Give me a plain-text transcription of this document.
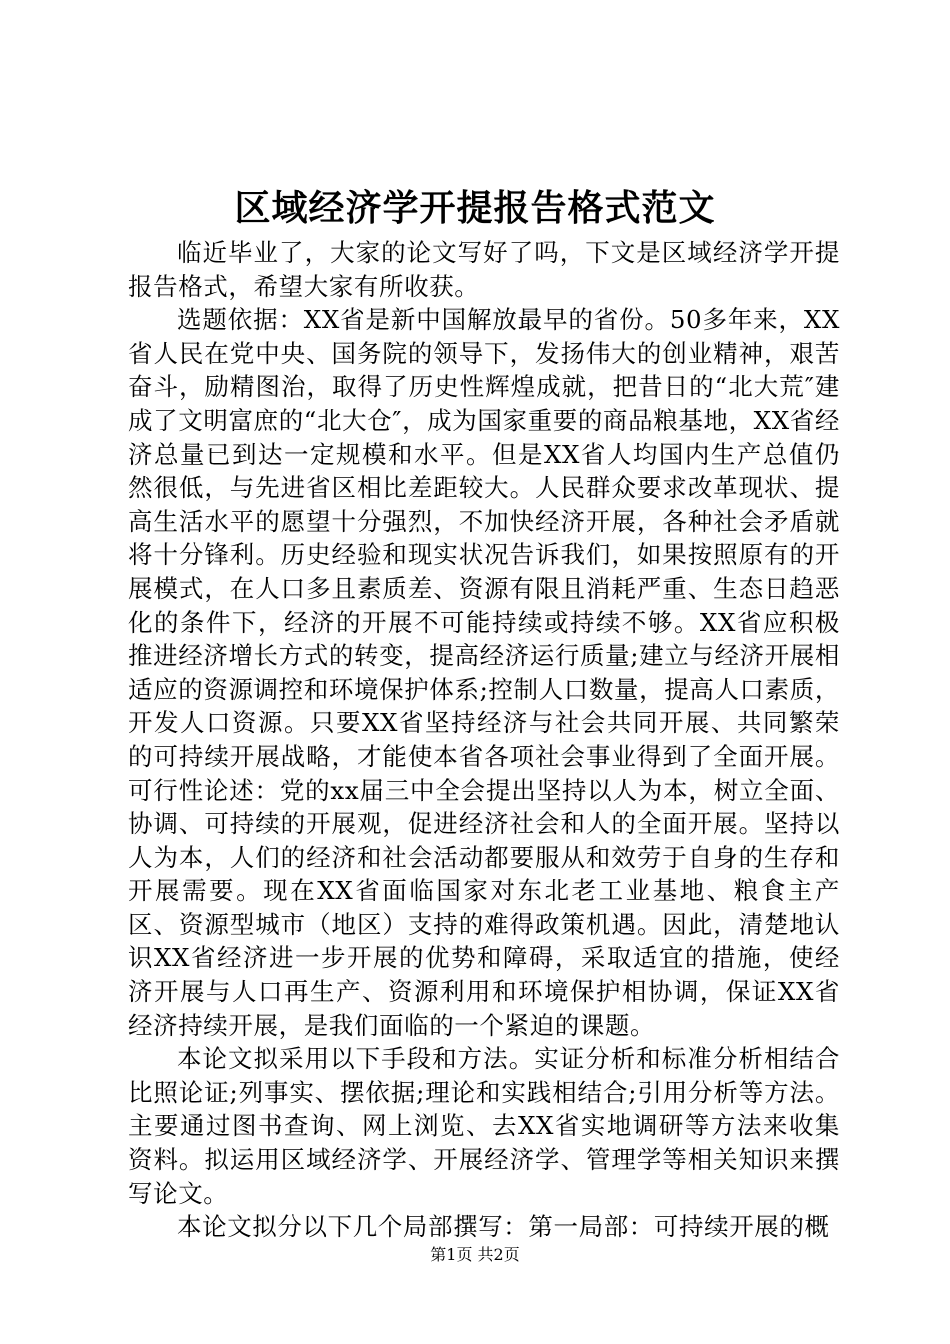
区域经济学开提报告格式范文

临近毕业了，大家的论文写好了吗，下文是区域经济学开提报告格式，希望大家有所收获。

选题依据：XX省是新中国解放最早的省份。50多年来，XX省人民在党中央、国务院的领导下，发扬伟大的创业精神，艰苦奋斗，励精图治，取得了历史性辉煌成就，把昔日的“北大荒″建成了文明富庶的“北大仓″，成为国家重要的商品粮基地，XX省经济总量已到达一定规模和水平。但是XX省人均国内生产总值仍然很低，与先进省区相比差距较大。人民群众要求改革现状、提高生活水平的愿望十分强烈，不加快经济开展，各种社会矛盾就将十分锋利。历史经验和现实状况告诉我们，如果按照原有的开展模式，在人口多且素质差、资源有限且消耗严重、生态日趋恶化的条件下，经济的开展不可能持续或持续不够。XX省应积极推进经济增长方式的转变，提高经济运行质量;建立与经济开展相适应的资源调控和环境保护体系;控制人口数量，提高人口素质，开发人口资源。只要XX省坚持经济与社会共同开展、共同繁荣的可持续开展战略，才能使本省各项社会事业得到了全面开展。可行性论述：党的xx届三中全会提出坚持以人为本，树立全面、协调、可持续的开展观，促进经济社会和人的全面开展。坚持以人为本，人们的经济和社会活动都要服从和效劳于自身的生存和开展需要。现在XX省面临国家对东北老工业基地、粮食主产区、资源型城市（地区）支持的难得政策机遇。因此，清楚地认识XX省经济进一步开展的优势和障碍，采取适宜的措施，使经济开展与人口再生产、资源利用和环境保护相协调，保证XX省经济持续开展，是我们面临的一个紧迫的课题。

本论文拟采用以下手段和方法。实证分析和标准分析相结合比照论证;列事实、摆依据;理论和实践相结合;引用分析等方法。主要通过图书查询、网上浏览、去XX省实地调研等方法来收集资料。拟运用区域经济学、开展经济学、管理学等相关知识来撰写论文。

本论文拟分以下几个局部撰写：第一局部：可持续开展的概

第1页 共2页
